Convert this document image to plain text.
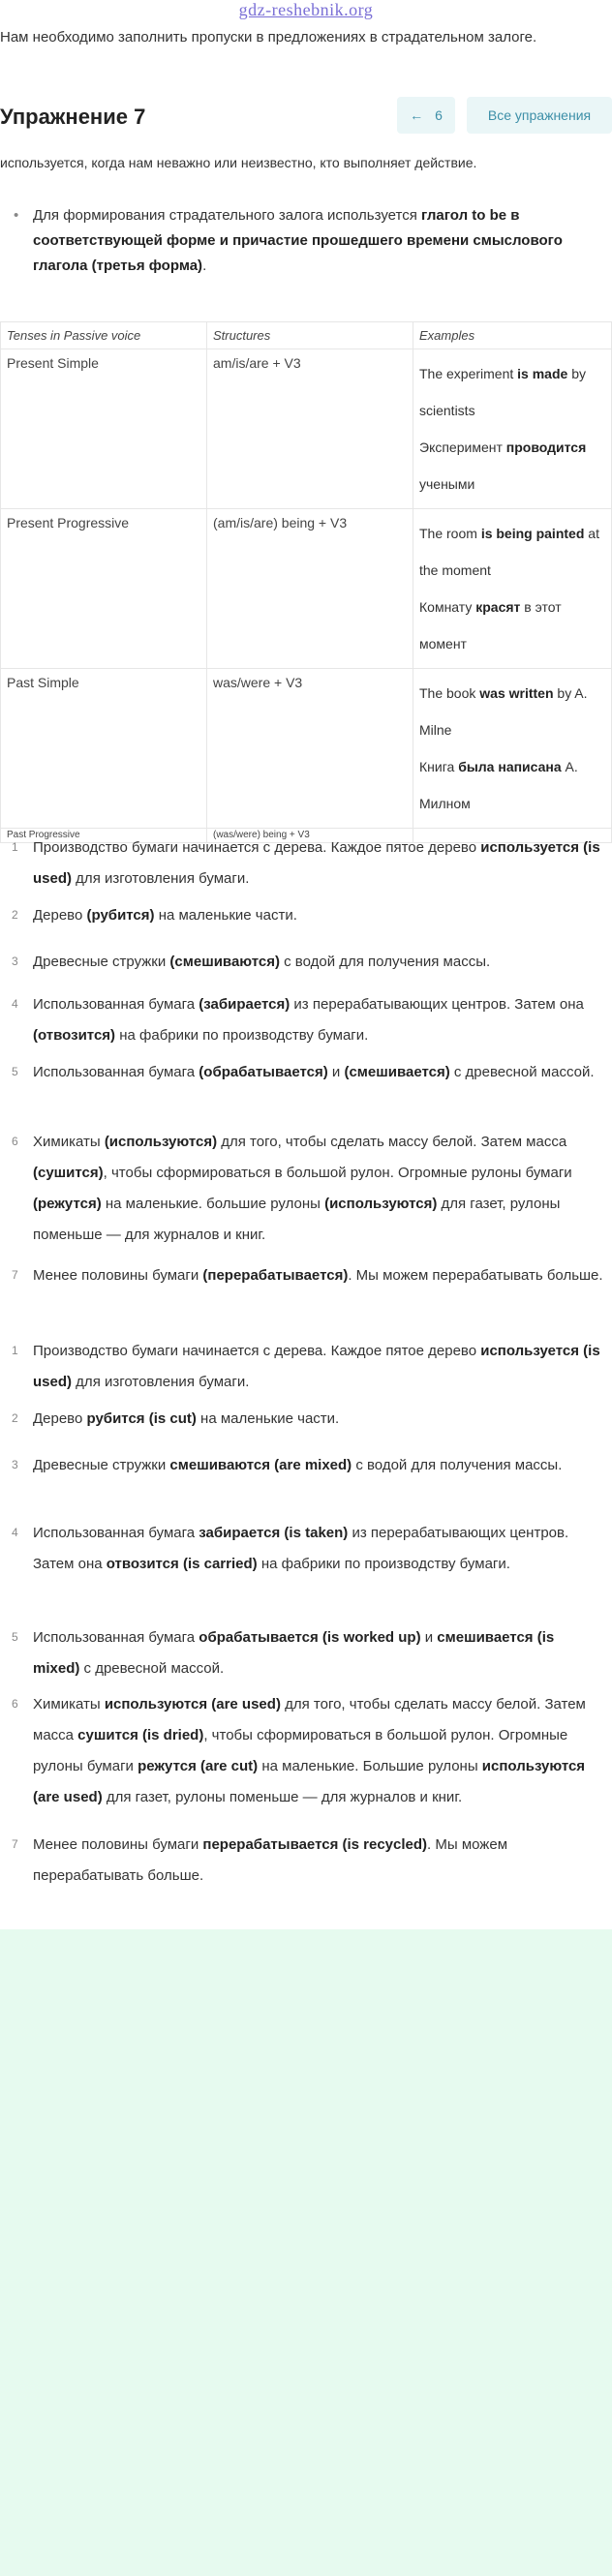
gdz-reshebnik.org
Нам необходимо заполнить пропуски в предложениях в страдательном залоге.
Упражнение 7	← 6	Все упражнения
используется, когда нам неважно или неизвестно, кто выполняет действие.
• Для формирования страдательного залога используется глагол to be в соответствующей форме и причастие прошедшего времени смыслового глагола (третья форма).
Tenses in Passive voice	Structures	Examples
Present Simple	am/is/are + V3	The experiment is made by scientists
Эксперимент проводится учеными

Present Progressive	(am/is/are) being + V3	The room is being painted at the moment
Комнату красят в этот момент

Past Simple	was/were + V3	The book was written by A. Milne
Книга была написана А. Милном

Past Progressive	(was/were) being + V3	
1 Производство бумаги начинается с дерева. Каждое пятое дерево используется (is used) для изготовления бумаги.
2 Дерево (рубится) на маленькие части.
3 Древесные стружки (смешиваются) с водой для получения массы.
4 Использованная бумага (забирается) из перерабатывающих центров. Затем она (отвозится) на фабрики по производству бумаги.
5 Использованная бумага (обрабатывается) и (смешивается) с древесной массой.
6 Химикаты (используются) для того, чтобы сделать массу белой. Затем масса (сушится), чтобы сформироваться в большой рулон. Огромные рулоны бумаги (режутся) на маленькие. большие рулоны (используются) для газет, рулоны поменьше — для журналов и книг.
7 Менее половины бумаги (перерабатывается). Мы можем перерабатывать больше.
1 Производство бумаги начинается с дерева. Каждое пятое дерево используется (is used) для изготовления бумаги.
2 Дерево рубится (is cut) на маленькие части.
3 Древесные стружки смешиваются (are mixed) с водой для получения массы.
4 Использованная бумага забирается (is taken) из перерабатывающих центров. Затем она отвозится (is carried) на фабрики по производству бумаги.
5 Использованная бумага обрабатывается (is worked up) и смешивается (is mixed) с древесной массой.
6 Химикаты используются (are used) для того, чтобы сделать массу белой. Затем масса сушится (is dried), чтобы сформироваться в большой рулон. Огромные рулоны бумаги режутся (are cut) на маленькие. Большие рулоны используются (are used) для газет, рулоны поменьше — для журналов и книг.
7 Менее половины бумаги перерабатывается (is recycled). Мы можем перерабатывать больше.
